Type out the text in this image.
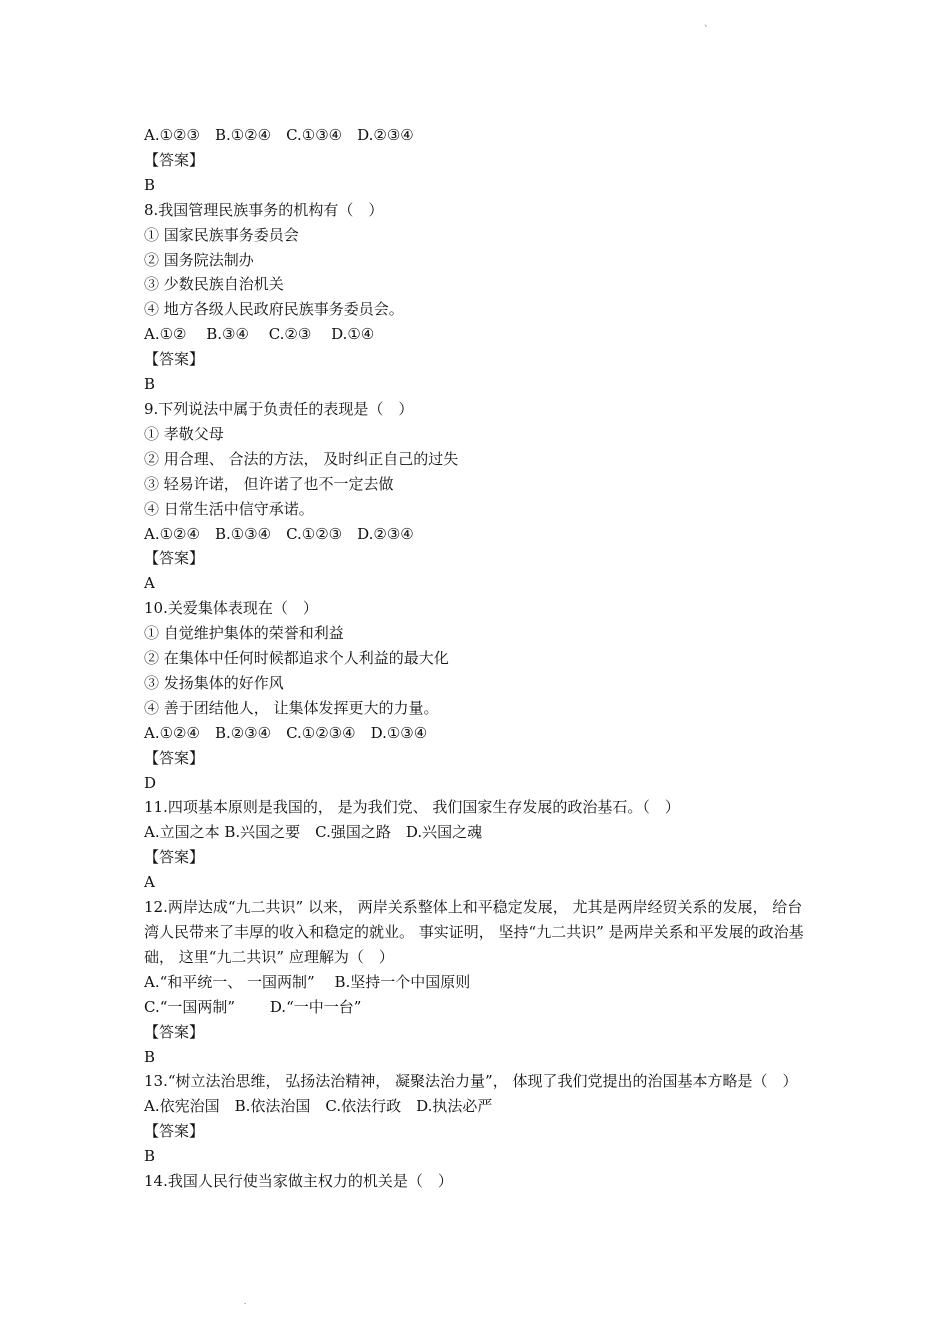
、

A.①②③　B.①②④　C.①③④　D.②③④

【答案】

B

8.我国管理民族事务的机构有（　）

① 国家民族事务委员会

② 国务院法制办

③ 少数民族自治机关

④ 地方各级人民政府民族事务委员会。

A.①②　 B.③④　 C.②③　 D.①④

【答案】

B

9.下列说法中属于负责任的表现是（　）

① 孝敬父母

② 用合理、 合法的方法， 及时纠正自己的过失

③ 轻易许诺， 但许诺了也不一定去做

④ 日常生活中信守承诺。

A.①②④　B.①③④　C.①②③　D.②③④

【答案】

A

10.关爱集体表现在（　）

① 自觉维护集体的荣誉和利益

② 在集体中任何时候都追求个人利益的最大化

③ 发扬集体的好作风

④ 善于团结他人， 让集体发挥更大的力量。

A.①②④　B.②③④　C.①②③④　D.①③④

【答案】

D

11.四项基本原则是我国的， 是为我们党、 我们国家生存发展的政治基石。（　）

A.立国之本 B.兴国之要　C.强国之路　D.兴国之魂

【答案】

A

12.两岸达成“九二共识” 以来， 两岸关系整体上和平稳定发展， 尤其是两岸经贸关系的发展， 给台湾人民带来了丰厚的收入和稳定的就业。 事实证明， 坚持“九二共识” 是两岸关系和平发展的政治基础， 这里“九二共识” 应理解为（　）

A.“和平统一、 一国两制”　 B.坚持一个中国原则

C.“一国两制”　　 D.“一中一台”

【答案】

B

13.“树立法治思维， 弘扬法治精神， 凝聚法治力量”， 体现了我们党提出的治国基本方略是（　）

A.依宪治国　B.依法治国　C.依法行政　D.执法必严

【答案】

B

14.我国人民行使当家做主权力的机关是（　）

.
